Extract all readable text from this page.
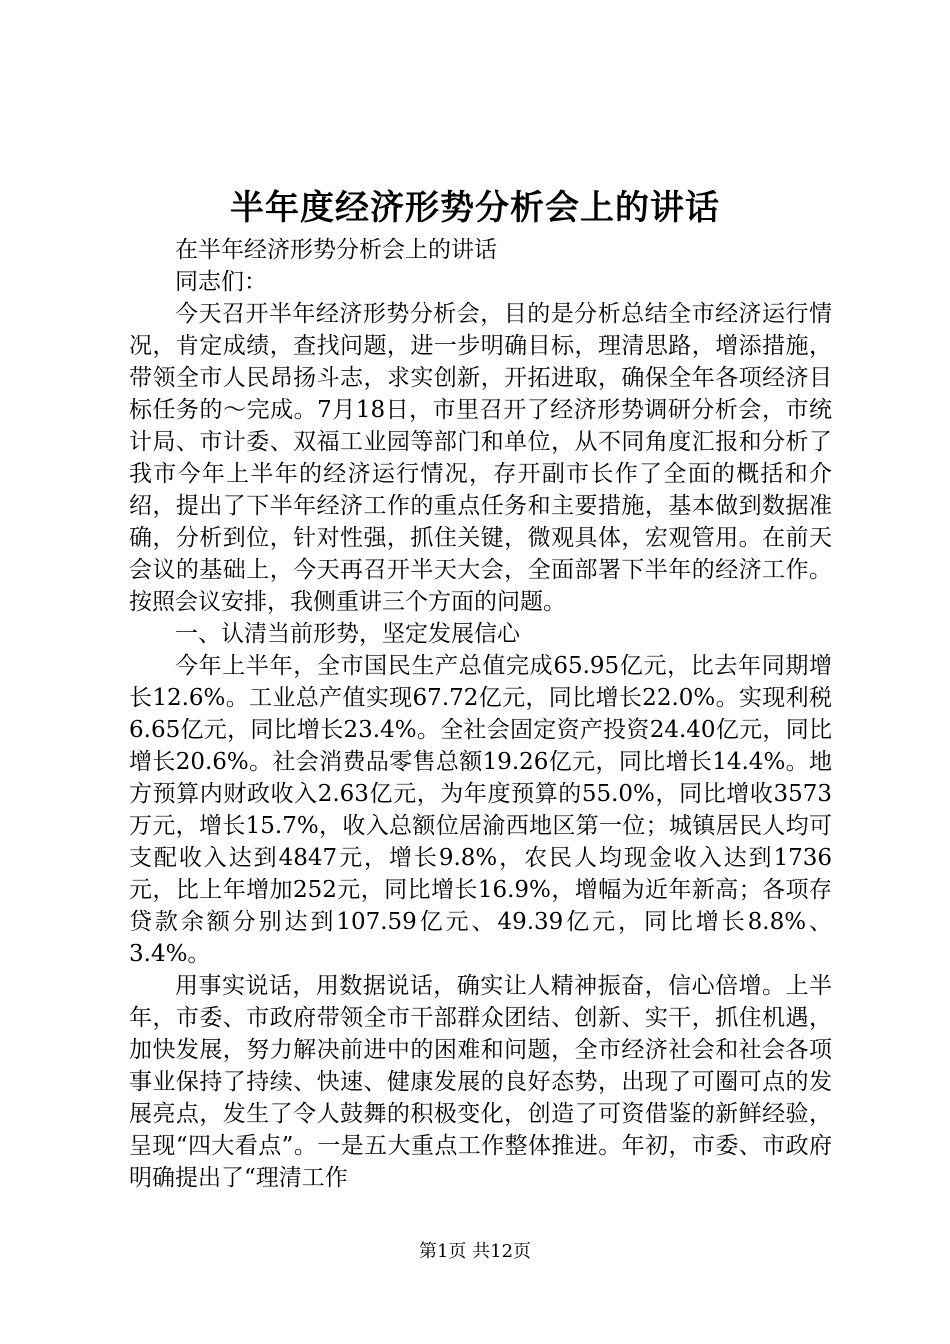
半年度经济形势分析会上的讲话

在半年经济形势分析会上的讲话

同志们：

今天召开半年经济形势分析会，目的是分析总结全市经济运行情况，肯定成绩，查找问题，进一步明确目标，理清思路，增添措施，带领全市人民昂扬斗志，求实创新，开拓进取，确保全年各项经济目标任务的～完成。7月18日，市里召开了经济形势调研分析会，市统计局、市计委、双福工业园等部门和单位，从不同角度汇报和分析了我市今年上半年的经济运行情况，存开副市长作了全面的概括和介绍，提出了下半年经济工作的重点任务和主要措施，基本做到数据准确，分析到位，针对性强，抓住关键，微观具体，宏观管用。在前天会议的基础上，今天再召开半天大会，全面部署下半年的经济工作。按照会议安排，我侧重讲三个方面的问题。

一、认清当前形势，坚定发展信心

今年上半年，全市国民生产总值完成65.95亿元，比去年同期增长12.6%。工业总产值实现67.72亿元，同比增长22.0%。实现利税6.65亿元，同比增长23.4%。全社会固定资产投资24.40亿元，同比增长20.6%。社会消费品零售总额19.26亿元，同比增长14.4%。地方预算内财政收入2.63亿元，为年度预算的55.0%，同比增收3573万元，增长15.7%，收入总额位居渝西地区第一位；城镇居民人均可支配收入达到4847元，增长9.8%，农民人均现金收入达到1736元，比上年增加252元，同比增长16.9%，增幅为近年新高；各项存贷款余额分别达到107.59亿元、49.39亿元，同比增长8.8%、3.4%。

用事实说话，用数据说话，确实让人精神振奋，信心倍增。上半年，市委、市政府带领全市干部群众团结、创新、实干，抓住机遇，加快发展，努力解决前进中的困难和问题，全市经济社会和社会各项事业保持了持续、快速、健康发展的良好态势，出现了可圈可点的发展亮点，发生了令人鼓舞的积极变化，创造了可资借鉴的新鲜经验，呈现“四大看点”。一是五大重点工作整体推进。年初，市委、市政府明确提出了“理清工作

第1页 共12页
